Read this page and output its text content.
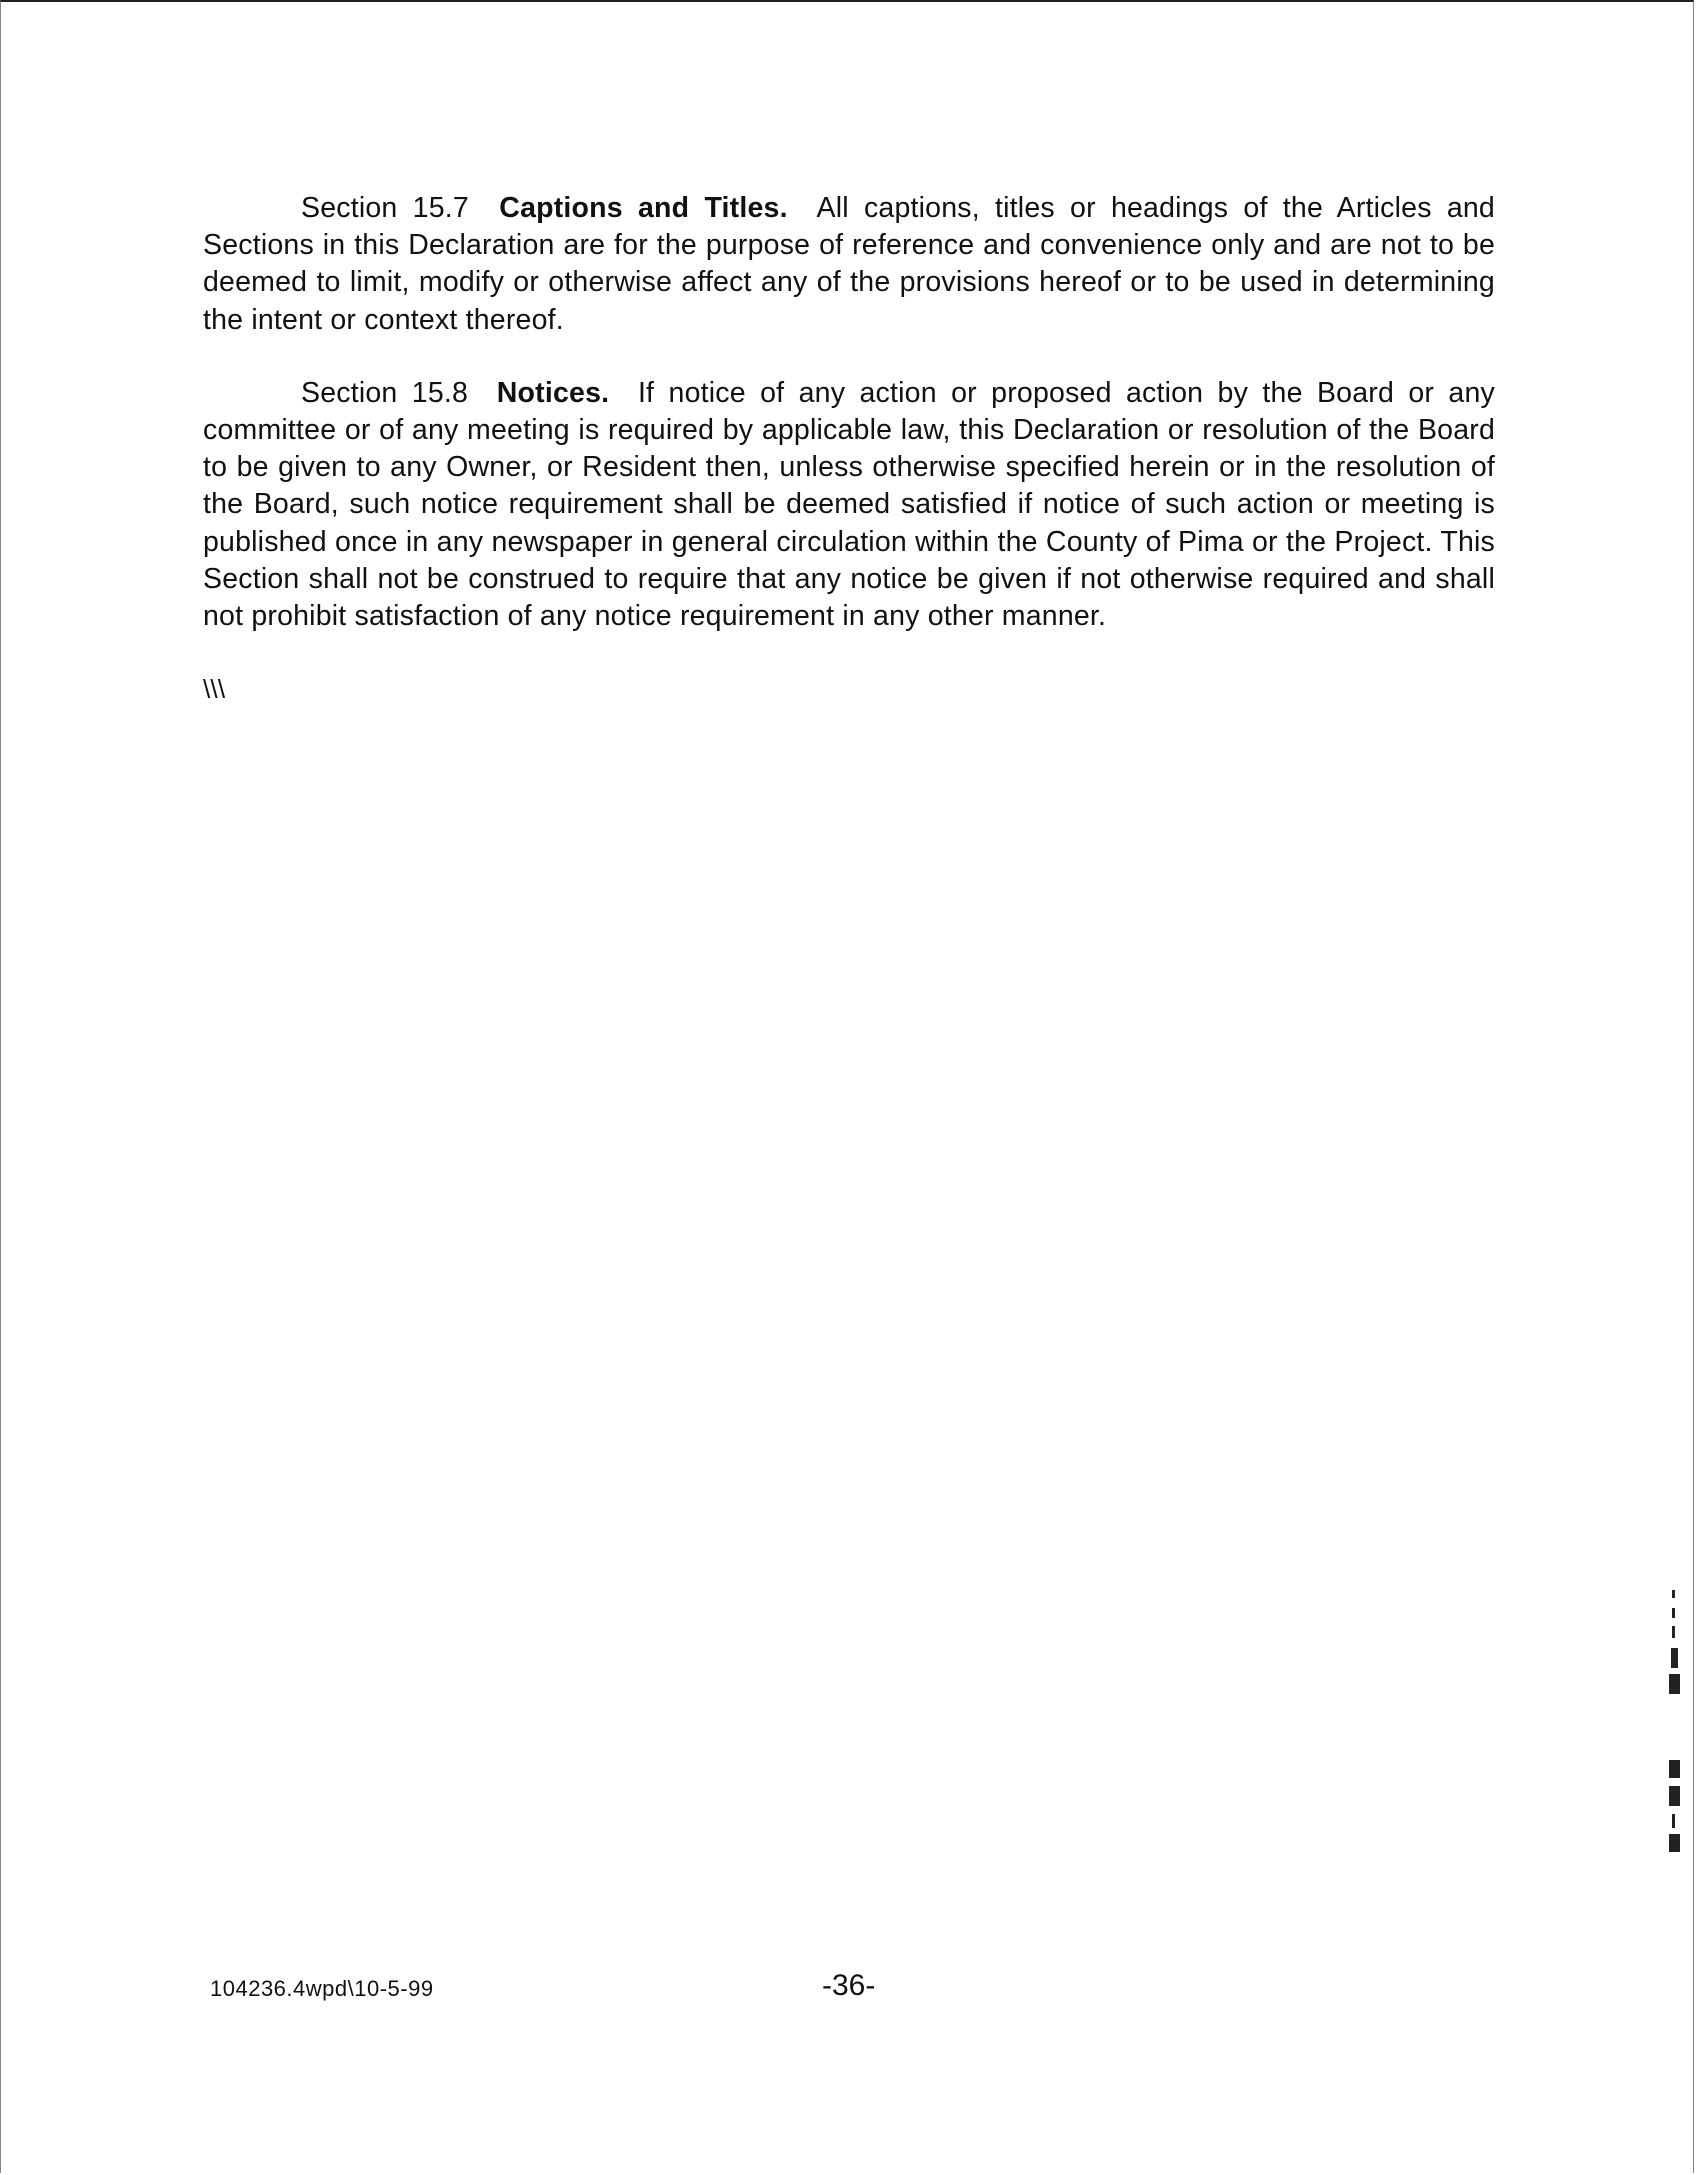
Section 15.7 Captions and Titles. All captions, titles or headings of the Articles and Sections in this Declaration are for the purpose of reference and convenience only and are not to be deemed to limit, modify or otherwise affect any of the provisions hereof or to be used in determining the intent or context thereof.

Section 15.8 Notices. If notice of any action or proposed action by the Board or any committee or of any meeting is required by applicable law, this Declaration or resolution of the Board to be given to any Owner, or Resident then, unless otherwise specified herein or in the resolution of the Board, such notice requirement shall be deemed satisfied if notice of such action or meeting is published once in any newspaper in general circulation within the County of Pima or the Project. This Section shall not be construed to require that any notice be given if not otherwise required and shall not prohibit satisfaction of any notice requirement in any other manner.

\\\

104236.4wpd\10-5-99	-36-
